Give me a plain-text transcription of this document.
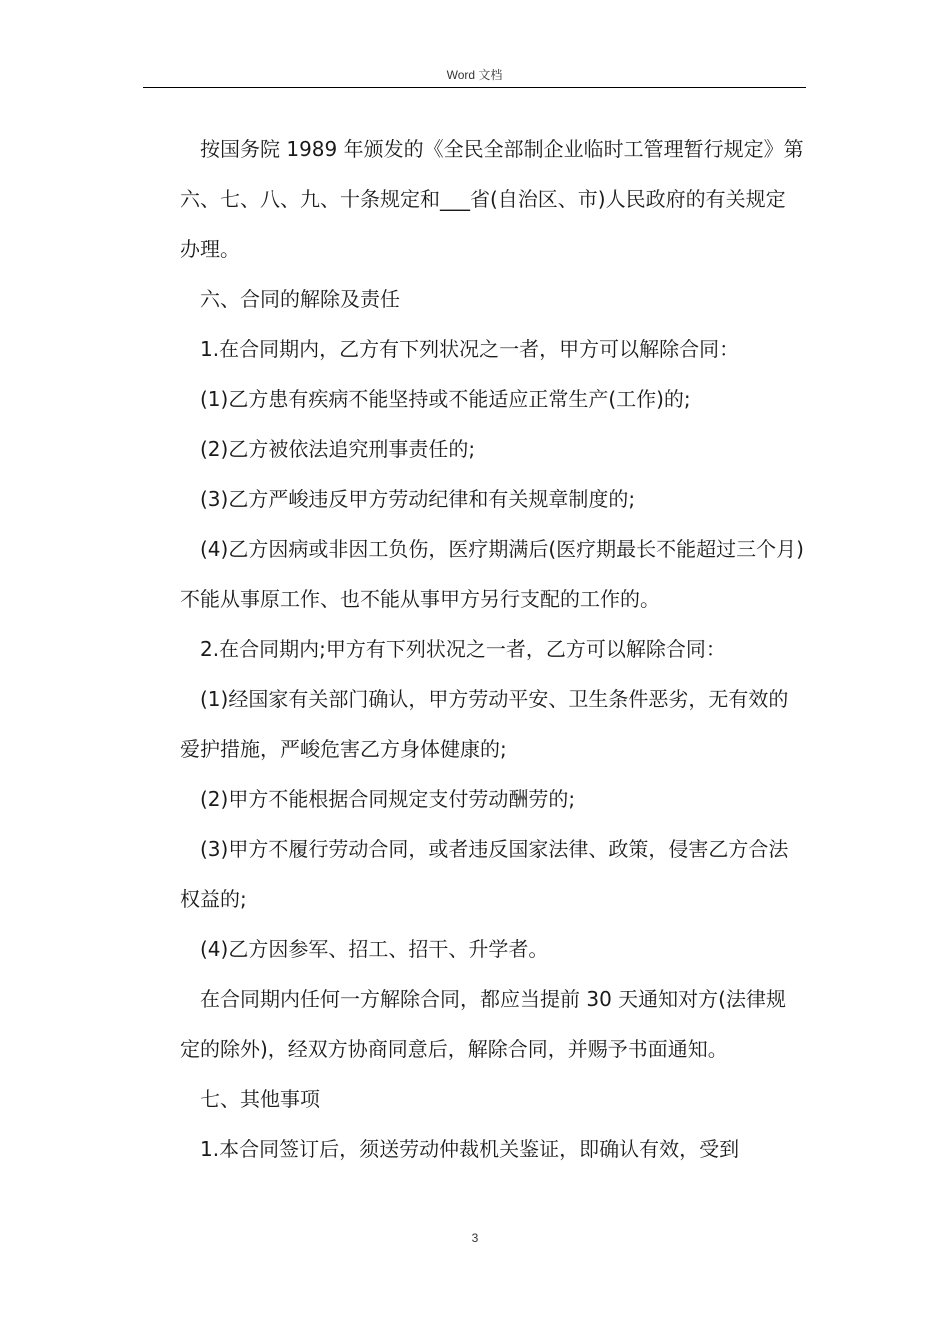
Word 文档

按国务院 1989 年颁发的《全民全部制企业临时工管理暂行规定》第六、七、八、九、十条规定和___省(自治区、市)人民政府的有关规定办理。

六、合同的解除及责任

1.在合同期内，乙方有下列状况之一者，甲方可以解除合同：

(1)乙方患有疾病不能坚持或不能适应正常生产(工作)的;

(2)乙方被依法追究刑事责任的;

(3)乙方严峻违反甲方劳动纪律和有关规章制度的;

(4)乙方因病或非因工负伤，医疗期满后(医疗期最长不能超过三个月)不能从事原工作、也不能从事甲方另行支配的工作的。

2.在合同期内;甲方有下列状况之一者，乙方可以解除合同：

(1)经国家有关部门确认，甲方劳动平安、卫生条件恶劣，无有效的爱护措施，严峻危害乙方身体健康的;

(2)甲方不能根据合同规定支付劳动酬劳的;

(3)甲方不履行劳动合同，或者违反国家法律、政策，侵害乙方合法权益的;

(4)乙方因参军、招工、招干、升学者。

在合同期内任何一方解除合同，都应当提前 30 天通知对方(法律规定的除外)，经双方协商同意后，解除合同，并赐予书面通知。

七、其他事项

1.本合同签订后，须送劳动仲裁机关鉴证，即确认有效，受到

3
